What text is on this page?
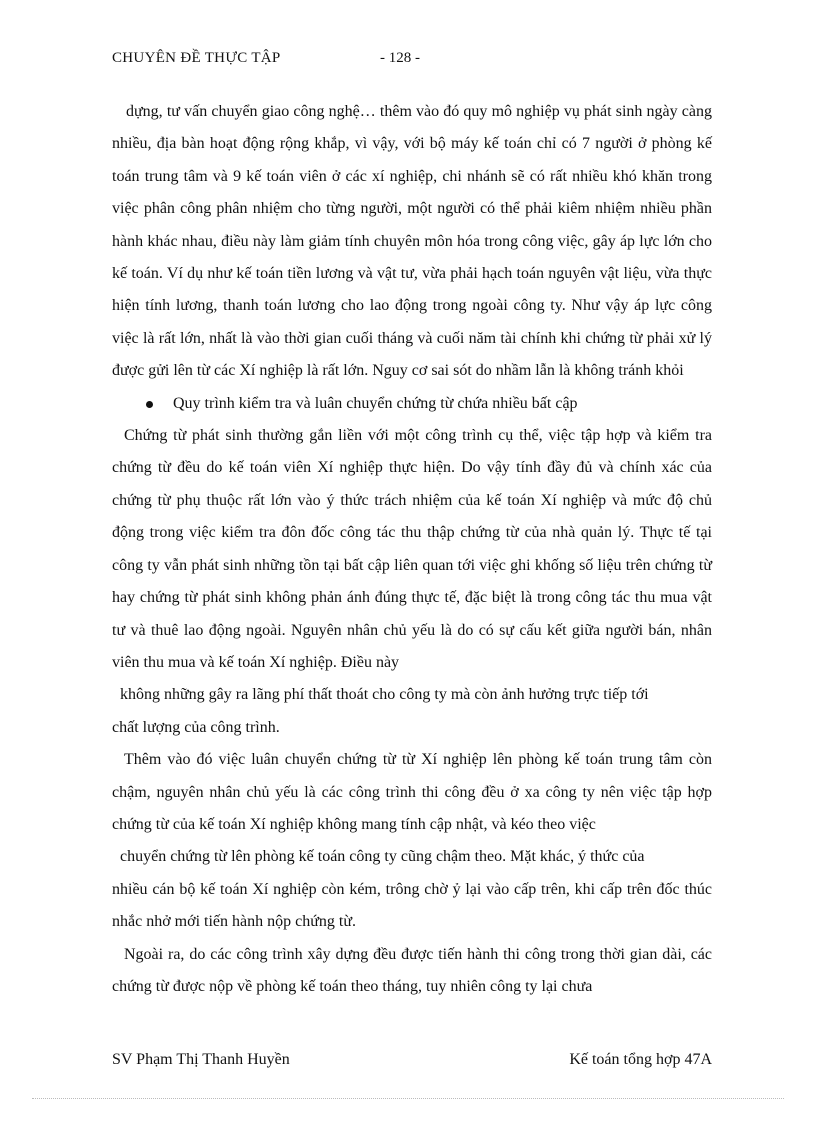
CHUYÊN ĐỀ THỰC TẬP	- 128 -

dựng, tư vấn chuyển giao công nghệ… thêm vào đó quy mô nghiệp vụ phát sinh ngày càng nhiều, địa bàn hoạt động rộng khắp, vì vậy, với bộ máy kế toán chỉ có 7 người ở phòng kế toán trung tâm và 9 kế toán viên ở các xí nghiệp, chi nhánh sẽ có rất nhiều khó khăn trong việc phân công phân nhiệm cho từng người, một người có thể phải kiêm nhiệm nhiều phần hành khác nhau, điều này làm giảm tính chuyên môn hóa trong công việc, gây áp lực lớn cho kế toán. Ví dụ như kế toán tiền lương và vật tư, vừa phải hạch toán nguyên vật liệu, vừa thực hiện tính lương, thanh toán lương cho lao động trong ngoài công ty. Như vậy áp lực công việc là rất lớn, nhất là vào thời gian cuối tháng và cuối năm tài chính khi chứng từ phải xử lý được gửi lên từ các Xí nghiệp là rất lớn. Nguy cơ sai sót do nhầm lẫn là không tránh khỏi

Quy trình kiểm tra và luân chuyển chứng từ chứa nhiều bất cập

Chứng từ phát sinh thường gắn liền với một công trình cụ thể, việc tập hợp và kiểm tra chứng từ đều do kế toán viên Xí nghiệp thực hiện. Do vậy tính đầy đủ và chính xác của chứng từ phụ thuộc rất lớn vào ý thức trách nhiệm của kế toán Xí nghiệp và mức độ chủ động trong việc kiểm tra đôn đốc công tác thu thập chứng từ của nhà quản lý. Thực tế tại công ty vẫn phát sinh những tồn tại bất cập liên quan tới việc ghi khống số liệu trên chứng từ hay chứng từ phát sinh không phản ánh đúng thực tế, đặc biệt là trong công tác thu mua vật tư và thuê lao động ngoài. Nguyên nhân chủ yếu là do có sự cấu kết giữa người bán, nhân viên thu mua và kế toán Xí nghiệp. Điều này

không những gây ra lãng phí thất thoát cho công ty mà còn ảnh hưởng trực tiếp tới

chất lượng của công trình.

Thêm vào đó việc luân chuyển chứng từ từ Xí nghiệp lên phòng kế toán trung tâm còn chậm, nguyên nhân chủ yếu là các công trình thi công đều ở xa công ty nên việc tập hợp chứng từ của kế toán Xí nghiệp không mang tính cập nhật, và kéo theo việc

chuyển chứng từ lên phòng kế toán công ty cũng chậm theo. Mặt khác, ý thức của

nhiều cán bộ kế toán Xí nghiệp còn kém, trông chờ ỷ lại vào cấp trên, khi cấp trên đốc thúc nhắc nhở mới tiến hành nộp chứng từ.

Ngoài ra, do các công trình xây dựng đều được tiến hành thi công trong thời gian dài, các chứng từ được nộp về phòng kế toán theo tháng, tuy nhiên công ty lại chưa

SV Phạm Thị Thanh Huyền	Kế toán tổng hợp 47A
